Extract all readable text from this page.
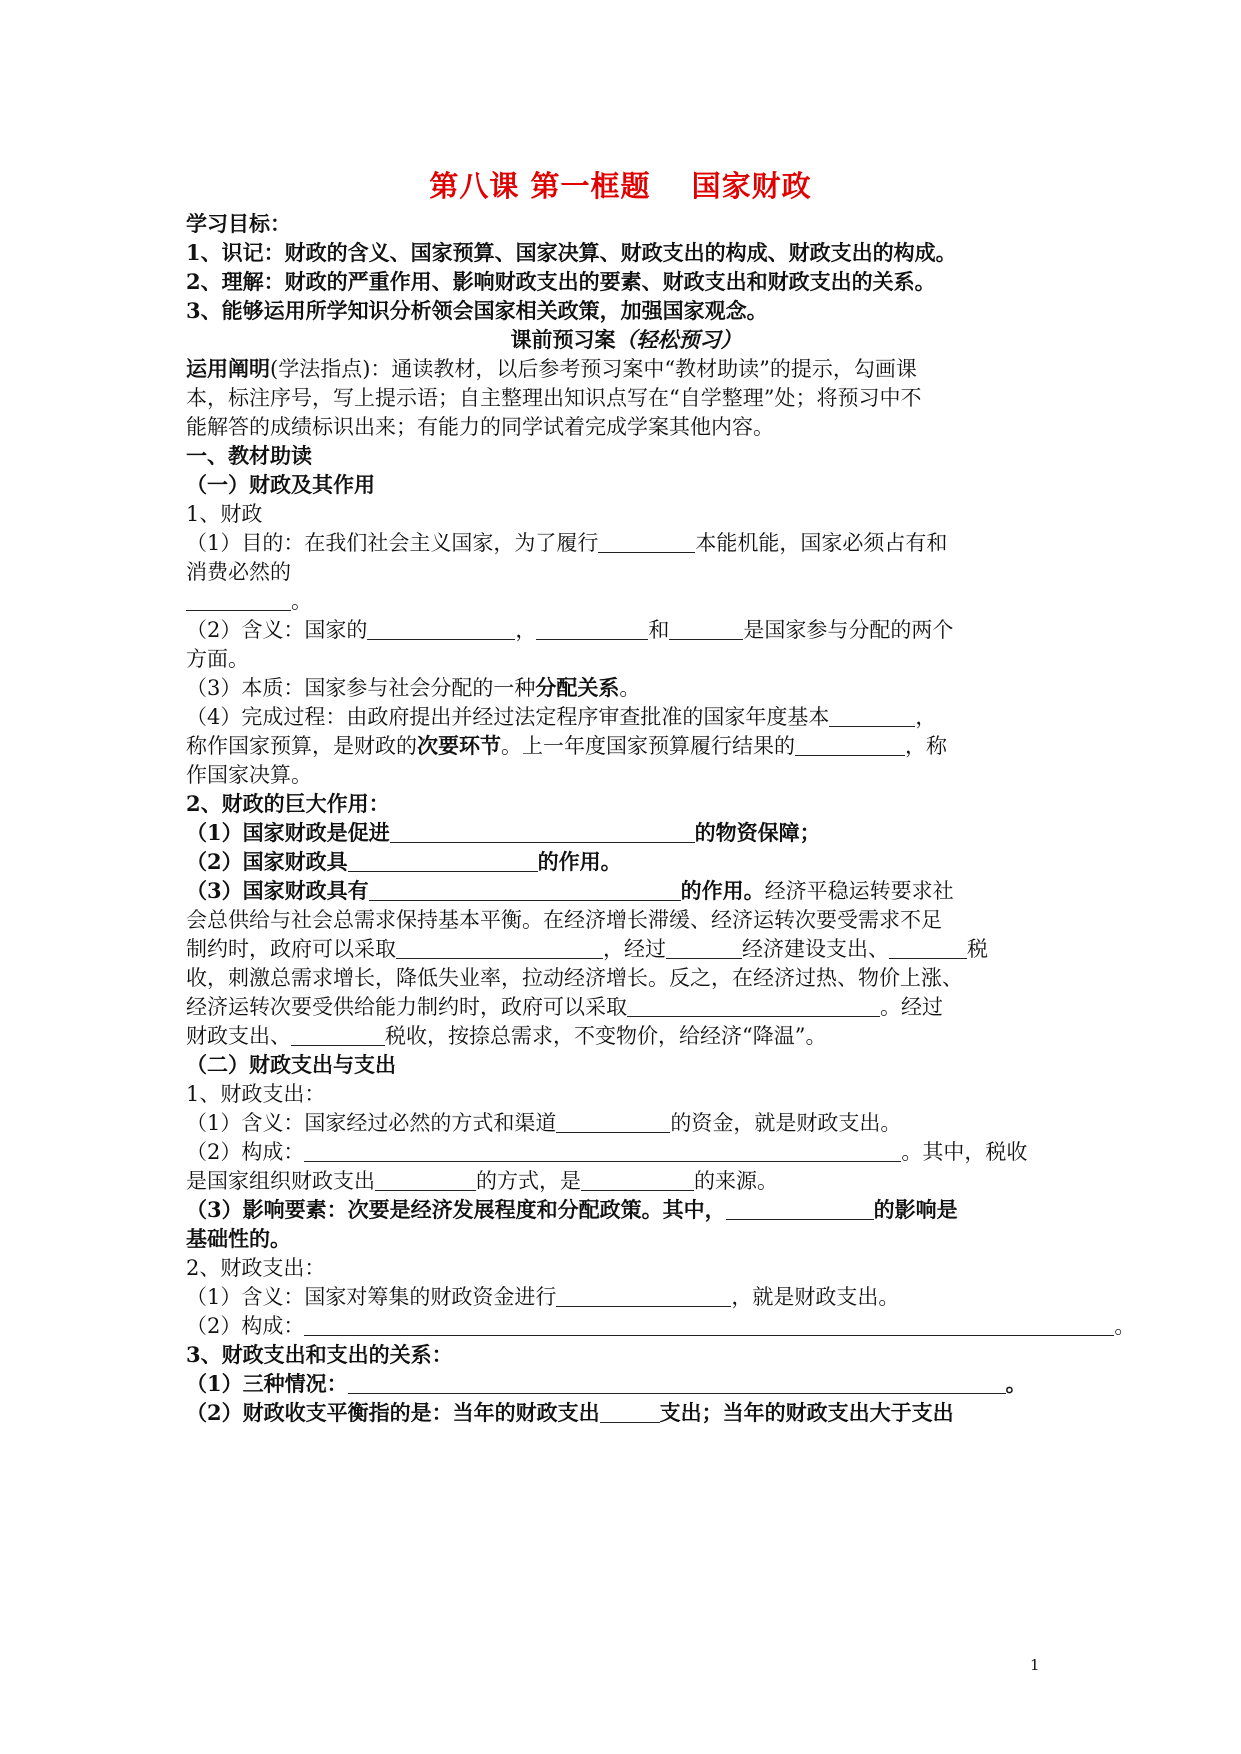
第八课 第一框题 国家财政
学习目标：
1、识记：财政的含义、国家预算、国家决算、财政支出的构成、财政支出的构成。
2、理解：财政的严重作用、影响财政支出的要素、财政支出和财政支出的关系。
3、能够运用所学知识分析领会国家相关政策，加强国家观念。
课前预习案（轻松预习）
运用阐明(学法指点)：通读教材，以后参考预习案中“教材助读”的提示，勾画课
本，标注序号，写上提示语；自主整理出知识点写在“自学整理”处；将预习中不
能解答的成绩标识出来；有能力的同学试着完成学案其他内容。
一、教材助读
（一）财政及其作用
1、财政
（1）目的：在我们社会主义国家，为了履行	本能机能，国家必须占有和
消费必然的
。
（2）含义：国家的	，	和	是国家参与分配的两个
方面。
（3）本质：国家参与社会分配的一种分配关系。
（4）完成过程：由政府提出并经过法定程序审查批准的国家年度基本	，
称作国家预算，是财政的次要环节。上一年度国家预算履行结果的	，称
作国家决算。
2、财政的巨大作用：
（1）国家财政是促进	的物资保障；
（2）国家财政具	的作用。
（3）国家财政具有	的作用。经济平稳运转要求社
会总供给与社会总需求保持基本平衡。在经济增长滞缓、经济运转次要受需求不足
制约时，政府可以采取	，经过	经济建设支出、	税
收，刺激总需求增长，降低失业率，拉动经济增长。反之，在经济过热、物价上涨、
经济运转次要受供给能力制约时，政府可以采取	。经过
财政支出、	税收，按捺总需求，不变物价，给经济“降温”。
（二）财政支出与支出
1、财政支出：
（1）含义：国家经过必然的方式和渠道	的资金，就是财政支出。
（2）构成：	。其中，税收
是国家组织财政支出	的方式，是	的来源。
（3）影响要素：次要是经济发展程度和分配政策。其中，	的影响是
基础性的。
2、财政支出：
（1）含义：国家对筹集的财政资金进行	，就是财政支出。
（2）构成：	。
3、财政支出和支出的关系：
（1）三种情况：	。
（2）财政收支平衡指的是：当年的财政支出	支出；当年的财政支出大于支出
1
